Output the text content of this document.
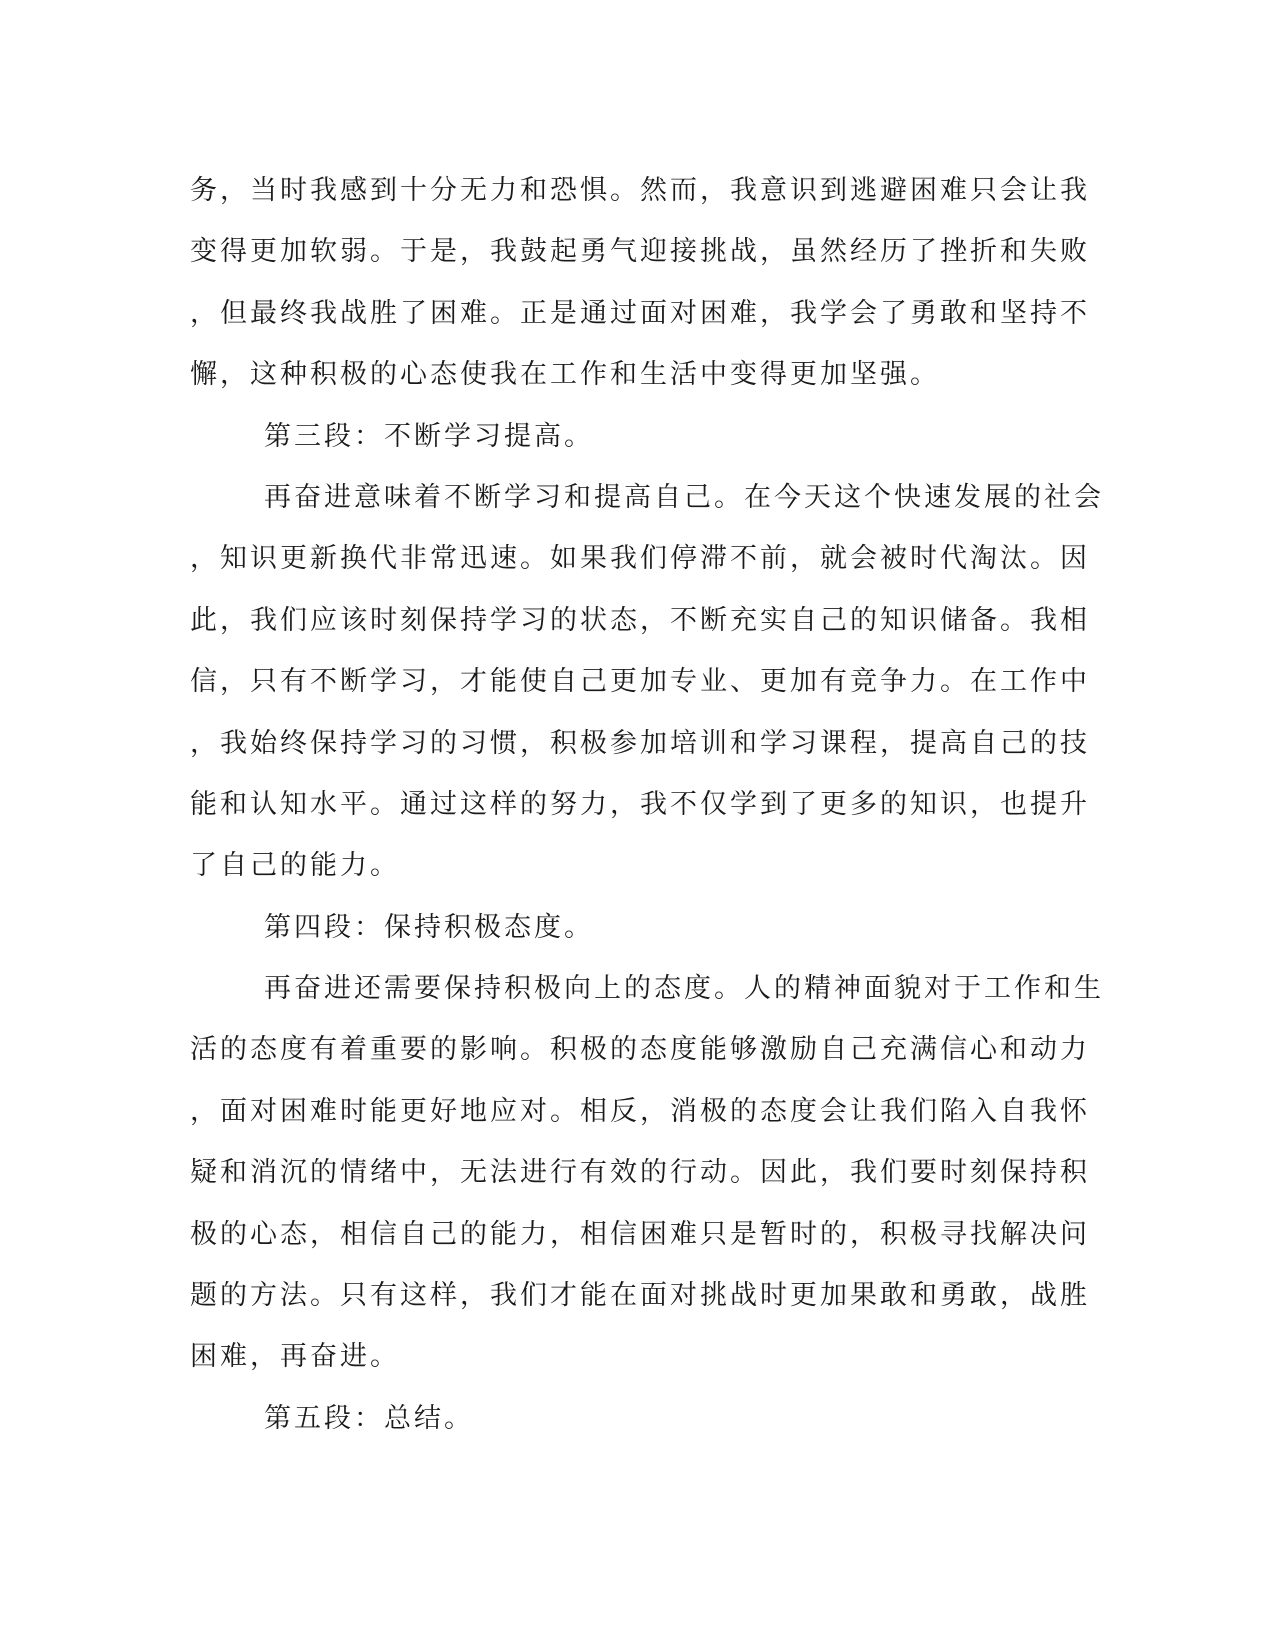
务，当时我感到十分无力和恐惧。然而，我意识到逃避困难只会让我
变得更加软弱。于是，我鼓起勇气迎接挑战，虽然经历了挫折和失败
，但最终我战胜了困难。正是通过面对困难，我学会了勇敢和坚持不
懈，这种积极的心态使我在工作和生活中变得更加坚强。
第三段：不断学习提高。
再奋进意味着不断学习和提高自己。在今天这个快速发展的社会
，知识更新换代非常迅速。如果我们停滞不前，就会被时代淘汰。因
此，我们应该时刻保持学习的状态，不断充实自己的知识储备。我相
信，只有不断学习，才能使自己更加专业、更加有竞争力。在工作中
，我始终保持学习的习惯，积极参加培训和学习课程，提高自己的技
能和认知水平。通过这样的努力，我不仅学到了更多的知识，也提升
了自己的能力。
第四段：保持积极态度。
再奋进还需要保持积极向上的态度。人的精神面貌对于工作和生
活的态度有着重要的影响。积极的态度能够激励自己充满信心和动力
，面对困难时能更好地应对。相反，消极的态度会让我们陷入自我怀
疑和消沉的情绪中，无法进行有效的行动。因此，我们要时刻保持积
极的心态，相信自己的能力，相信困难只是暂时的，积极寻找解决问
题的方法。只有这样，我们才能在面对挑战时更加果敢和勇敢，战胜
困难，再奋进。
第五段：总结。
